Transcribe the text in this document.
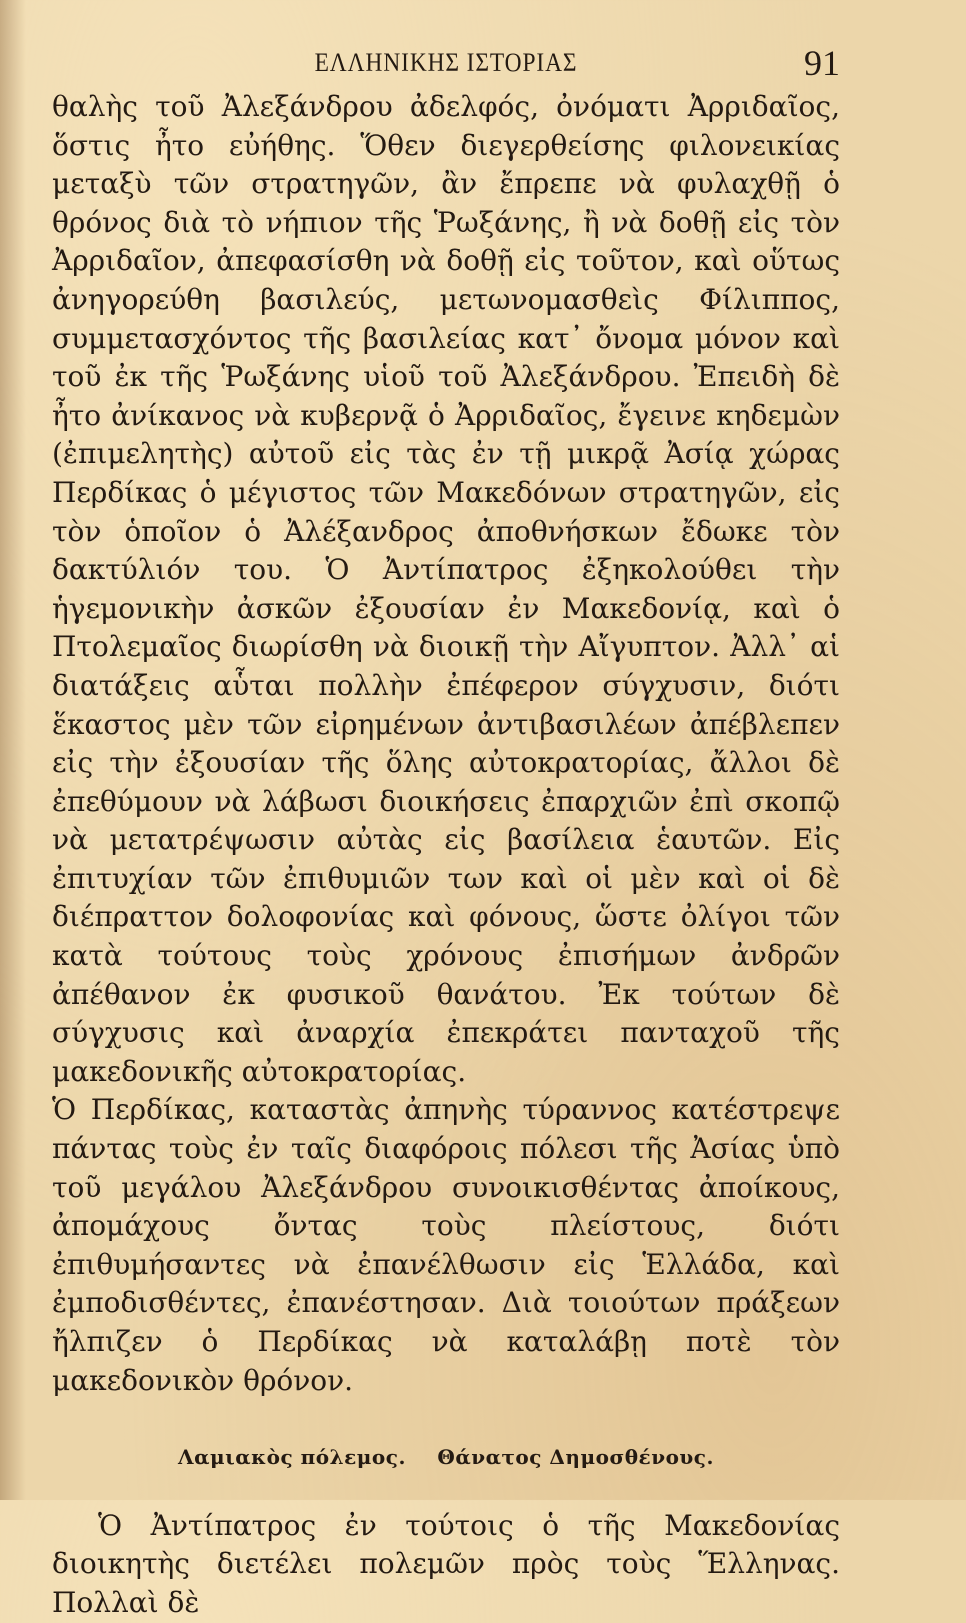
ΕΛΛΗΝΙΚΗΣ ΙΣΤΟΡΙΑΣ	91

θαλὴς τοῦ Ἀλεξάνδρου ἀδελφός, ὀνόματι Ἀρριδαῖος, ὅστις ἦτο εὐήθης. Ὅθεν διεγερθείσης φιλονεικίας μεταξὺ τῶν στρατηγῶν, ἂν ἔπρεπε νὰ φυλαχθῇ ὁ θρόνος διὰ τὸ νήπιον τῆς Ῥωξάνης, ἢ νὰ δοθῇ εἰς τὸν Ἀρριδαῖον, ἀπεφασίσθη νὰ δοθῇ εἰς τοῦτον, καὶ οὕτως ἀνηγορεύθη βασιλεύς, μετωνομασθεὶς Φίλιππος, συμμετασχόντος τῆς βασιλείας κατ᾽ ὄνομα μόνον καὶ τοῦ ἐκ τῆς Ῥωξάνης υἱοῦ τοῦ Ἀλεξάνδρου. Ἐπειδὴ δὲ ἦτο ἀνίκανος νὰ κυβερνᾷ ὁ Ἀρριδαῖος, ἔγεινε κηδεμὼν (ἐπιμελητὴς) αὐτοῦ εἰς τὰς ἐν τῇ μικρᾷ Ἀσίᾳ χώρας Περδίκας ὁ μέγιστος τῶν Μακεδόνων στρατηγῶν, εἰς τὸν ὁποῖον ὁ Ἀλέξανδρος ἀποθνήσκων ἔδωκε τὸν δακτύλιόν του. Ὁ Ἀντίπατρος ἐξηκολούθει τὴν ἡγεμονικὴν ἀσκῶν ἐξουσίαν ἐν Μακεδονίᾳ, καὶ ὁ Πτολεμαῖος διωρίσθη νὰ διοικῇ τὴν Αἴγυπτον. Ἀλλ᾽ αἱ διατάξεις αὗται πολλὴν ἐπέφερον σύγχυσιν, διότι ἕκαστος μὲν τῶν εἰρημένων ἀντιβασιλέων ἀπέβλεπεν εἰς τὴν ἐξουσίαν τῆς ὅλης αὐτοκρατορίας, ἄλλοι δὲ ἐπεθύμουν νὰ λάβωσι διοικήσεις ἐπαρχιῶν ἐπὶ σκοπῷ νὰ μετατρέψωσιν αὐτὰς εἰς βασίλεια ἑαυτῶν. Εἰς ἐπιτυχίαν τῶν ἐπιθυμιῶν των καὶ οἱ μὲν καὶ οἱ δὲ διέπραττον δολοφονίας καὶ φόνους, ὥστε ὀλίγοι τῶν κατὰ τούτους τοὺς χρόνους ἐπισήμων ἀνδρῶν ἀπέθανον ἐκ φυσικοῦ θανάτου. Ἐκ τούτων δὲ σύγχυσις καὶ ἀναρχία ἐπεκράτει πανταχοῦ τῆς μακεδονικῆς αὐτοκρατορίας.

Ὁ Περδίκας, καταστὰς ἀπηνὴς τύραννος κατέστρεψε πάντας τοὺς ἐν ταῖς διαφόροις πόλεσι τῆς Ἀσίας ὑπὸ τοῦ μεγάλου Ἀλεξάνδρου συνοικισθέντας ἀποίκους, ἀπομάχους ὄντας τοὺς πλείστους, διότι ἐπιθυμήσαντες νὰ ἐπανέλθωσιν εἰς Ἑλλάδα, καὶ ἐμποδισθέντες, ἐπανέστησαν. Διὰ τοιούτων πράξεων ἤλπιζεν ὁ Περδίκας νὰ καταλάβῃ ποτὲ τὸν μακεδονικὸν θρόνον.

Λαμιακὸς πόλεμος. Θάνατος Δημοσθένους.

Ὁ Ἀντίπατρος ἐν τούτοις ὁ τῆς Μακεδονίας διοικητὴς διετέλει πολεμῶν πρὸς τοὺς Ἕλληνας. Πολλαὶ δὲ
